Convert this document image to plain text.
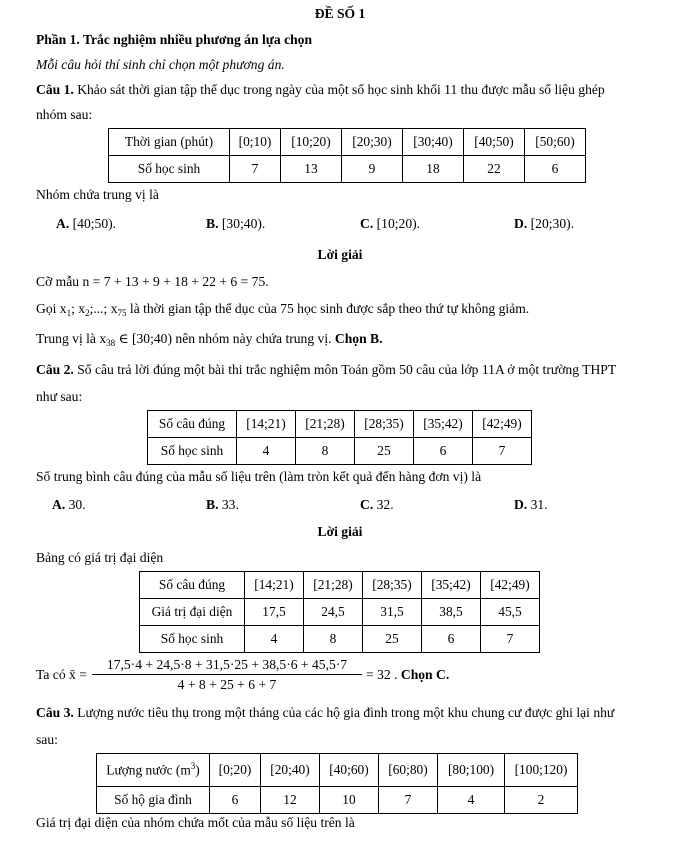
ĐỀ SỐ 1
Phần 1. Trắc nghiệm nhiều phương án lựa chọn
Mỗi câu hỏi thí sinh chỉ chọn một phương án.
Câu 1. Khảo sát thời gian tập thể dục trong ngày của một số học sinh khối 11 thu được mẫu số liệu ghép
nhóm sau:
Thời gian (phút)	[0;10)	[10;20)	[20;30)	[30;40)	[40;50)	[50;60)
Số học sinh	7	13	9	18	22	6
Nhóm chứa trung vị là
A. [40;50).	B. [30;40).	C. [10;20).	D. [20;30).
Lời giải
Cỡ mẫu n = 7 + 13 + 9 + 18 + 22 + 6 = 75.
Gọi $x_1$; $x_2$;...; $x_{75}$ là thời gian tập thể dục của 75 học sinh được sắp theo thứ tự không giảm.
Trung vị là $x_{38}$ ∈ [30;40) nên nhóm này chứa trung vị. Chọn B.
Câu 2. Số câu trả lời đúng một bài thi trắc nghiệm môn Toán gồm 50 câu của lớp 11A ở một trường THPT
như sau:
Số câu đúng	[14;21)	[21;28)	[28;35)	[35;42)	[42;49)
Số học sinh	4	8	25	6	7
Số trung bình câu đúng của mẫu số liệu trên (làm tròn kết quả đến hàng đơn vị) là
A. 30.	B. 33.	C. 32.	D. 31.
Lời giải
Bảng có giá trị đại diện
Số câu đúng	[14;21)	[21;28)	[28;35)	[35;42)	[42;49)
Giá trị đại diện	17,5	24,5	31,5	38,5	45,5
Số học sinh	4	8	25	6	7
Ta có x̄ =
17,5·4 + 24,5·8 + 31,5·25 + 38,5·6 + 45,5·7
4 + 8 + 25 + 6 + 7
= 32 . Chọn C.
Câu 3. Lượng nước tiêu thụ trong một tháng của các hộ gia đình trong một khu chung cư được ghi lại như
sau:
Lượng nước $(m^3)$	[0;20)	[20;40)	[40;60)	[60;80)	[80;100)	[100;120)
Số hộ gia đình	6	12	10	7	4	2
Giá trị đại diện của nhóm chứa mốt của mẫu số liệu trên là
